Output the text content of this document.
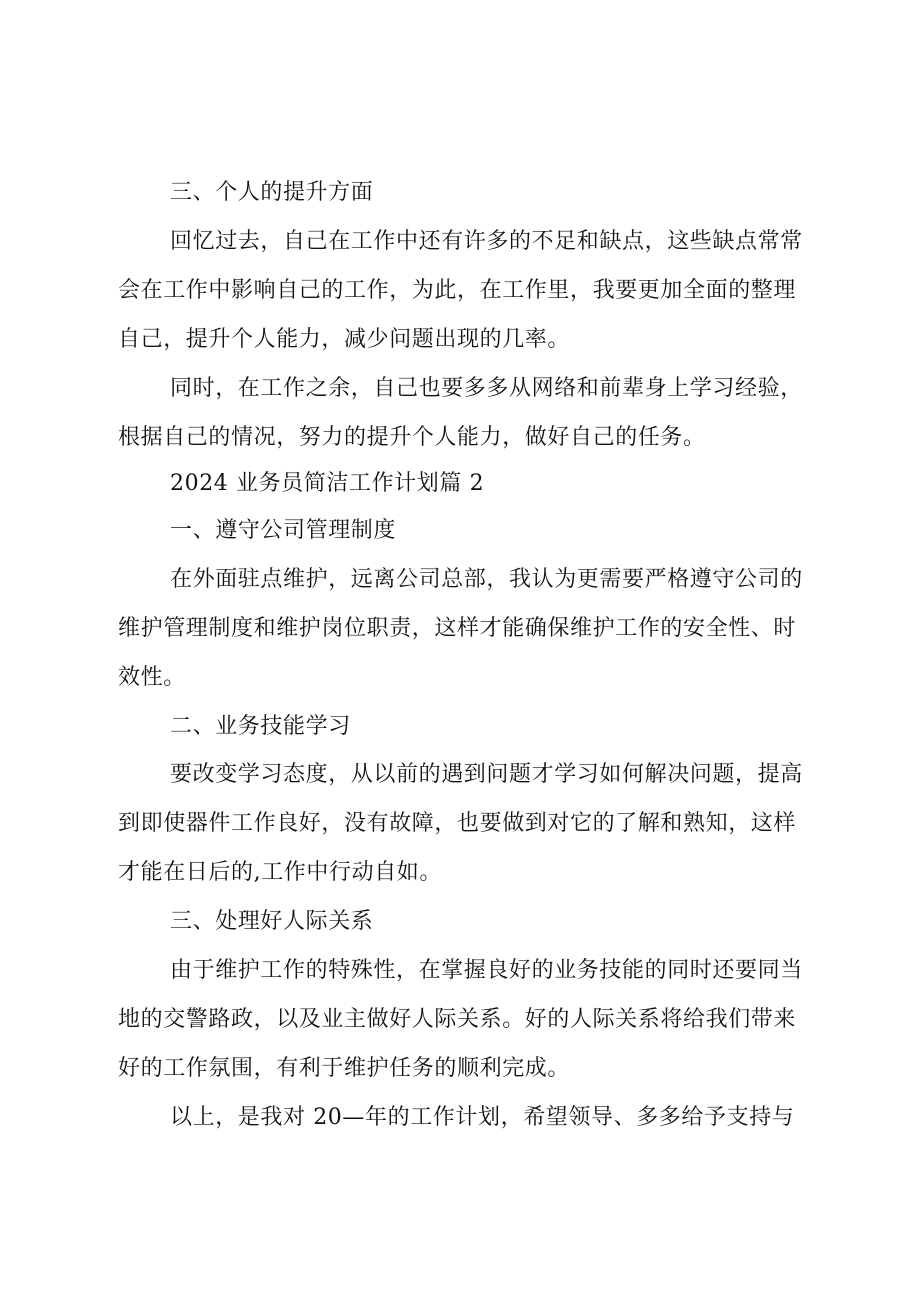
三、个人的提升方面
回忆过去，自己在工作中还有许多的不足和缺点，这些缺点常常
会在工作中影响自己的工作，为此，在工作里，我要更加全面的整理
自己，提升个人能力，减少问题出现的几率。
同时，在工作之余，自己也要多多从网络和前辈身上学习经验，
根据自己的情况，努力的提升个人能力，做好自己的任务。
2024 业务员简洁工作计划篇 2
一、遵守公司管理制度
在外面驻点维护，远离公司总部，我认为更需要严格遵守公司的
维护管理制度和维护岗位职责，这样才能确保维护工作的安全性、时
效性。
二、业务技能学习
要改变学习态度，从以前的遇到问题才学习如何解决问题，提高
到即使器件工作良好，没有故障，也要做到对它的了解和熟知，这样
才能在日后的,工作中行动自如。
三、处理好人际关系
由于维护工作的特殊性，在掌握良好的业务技能的同时还要同当
地的交警路政，以及业主做好人际关系。好的人际关系将给我们带来
好的工作氛围，有利于维护任务的顺利完成。
以上，是我对 20—年的工作计划，希望领导、多多给予支持与
